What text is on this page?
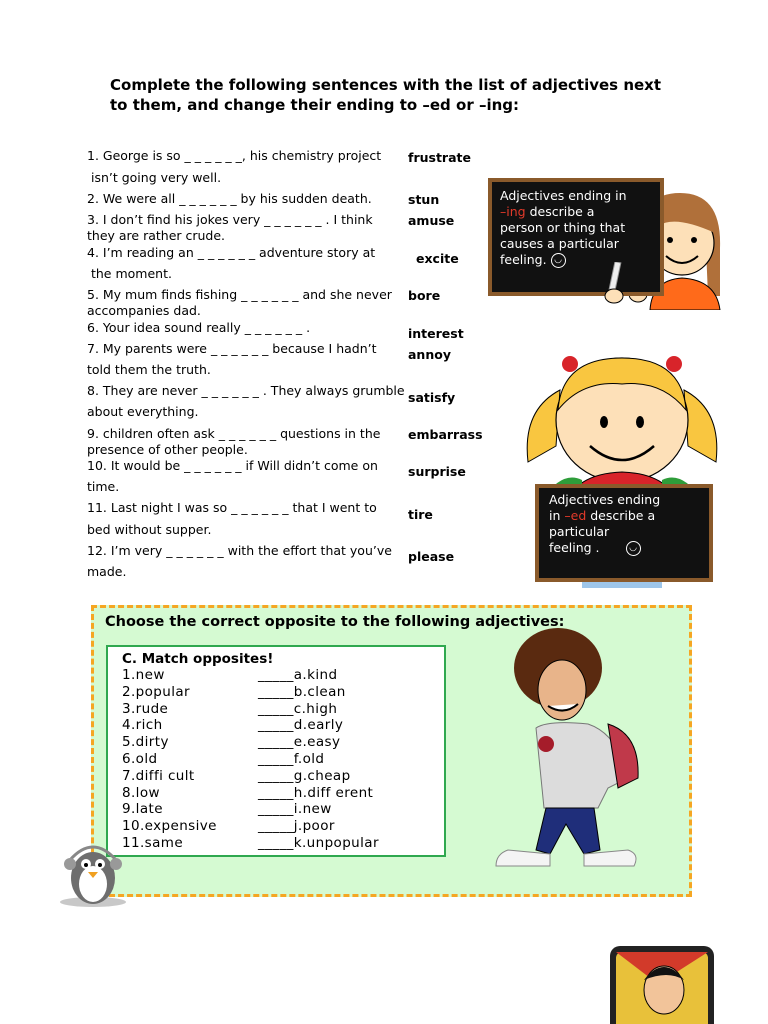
Complete the following sentences with the list of adjectives next to them, and change their ending to –ed or –ing:
1. George is so _ _ _ _ _ _, his chemistry project
isn’t going very well.
frustrate
2. We were all _ _ _ _ _ _ by his sudden death.	stun
3. I don’t find his jokes very _ _ _ _ _ _ . I think
they are rather crude.
amuse
4. I’m reading an _ _ _ _ _ _ adventure story at
the moment.
excite
5. My mum finds fishing _ _ _ _ _ _ and she never
accompanies dad.
bore
6. Your idea sound really _ _ _ _ _ _ .	interest
7. My parents were _ _ _ _ _ _ because I hadn’t
told them the truth.
annoy
8. They are never _ _ _ _ _ _ . They always grumble
about everything.
satisfy
9. children often ask _ _ _ _ _ _ questions in the
presence of other people.
embarrass
10. It would be _ _ _ _ _ _ if Will didn’t come on
time.
surprise
11. Last night I was so _ _ _ _ _ _ that I went to
bed without supper.
tire
12. I’m very _ _ _ _ _ _ with the effort that you’ve
made.
please
Adjectives ending in
–ing describe a
person or thing that
causes a particular
feeling. ◡
Adjectives ending
in –ed describe a
particular
feeling .	◡
Choose the correct opposite to the following adjectives:
C. Match opposites!
1.new	_____a.kind
2.popular	_____b.clean
3.rude	_____c.high
4.rich	_____d.early
5.dirty	_____e.easy
6.old	_____f.old
7.diffi cult	_____g.cheap
8.low	_____h.diff erent
9.late	_____i.new
10.expensive	_____j.poor
11.same	_____k.unpopular
